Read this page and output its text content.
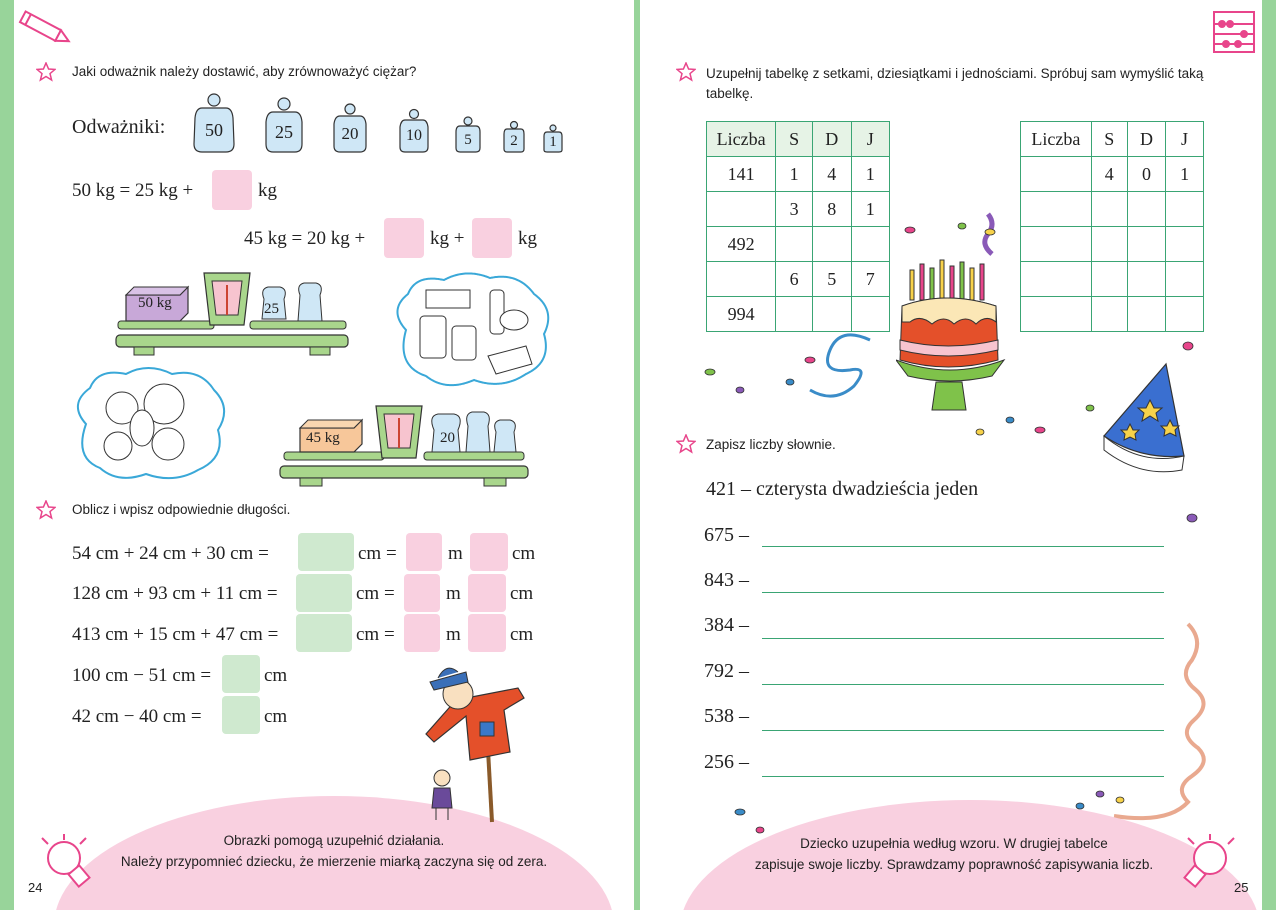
Jaki odważnik należy dostawić, aby zrównoważyć ciężar?
Odważniki:	50	25	20	10	5	2	1
50 kg = 25 kg +	kg
45 kg = 20 kg +	kg +	kg
50 kg	25
45 kg	20
Oblicz i wpisz odpowiednie długości.
54 cm + 24 cm + 30 cm =	cm =	m	cm
128 cm + 93 cm + 11 cm =	cm =	m	cm
413 cm + 15 cm + 47 cm =	cm =	m	cm
100 cm − 51 cm =	cm
42 cm − 40 cm =	cm
Obrazki pomogą uzupełnić działania.
Należy przypomnieć dziecku, że mierzenie miarką zaczyna się od zera.
24
Uzupełnij tabelkę z setkami, dziesiątkami i jednościami. Spróbuj sam wymyślić taką
tabelkę.
Liczba	S	D	J
141	1	4	1
	3	8	1
492			
	6	5	7
994			
Liczba	S	D	J
	4	0	1

Zapisz liczby słownie.
421 – czterysta dwadzieścia jeden
675 –
843 –
384 –
792 –
538 –
256 –
Dziecko uzupełnia według wzoru. W drugiej tabelce
zapisuje swoje liczby. Sprawdzamy poprawność zapisywania liczb.
25
